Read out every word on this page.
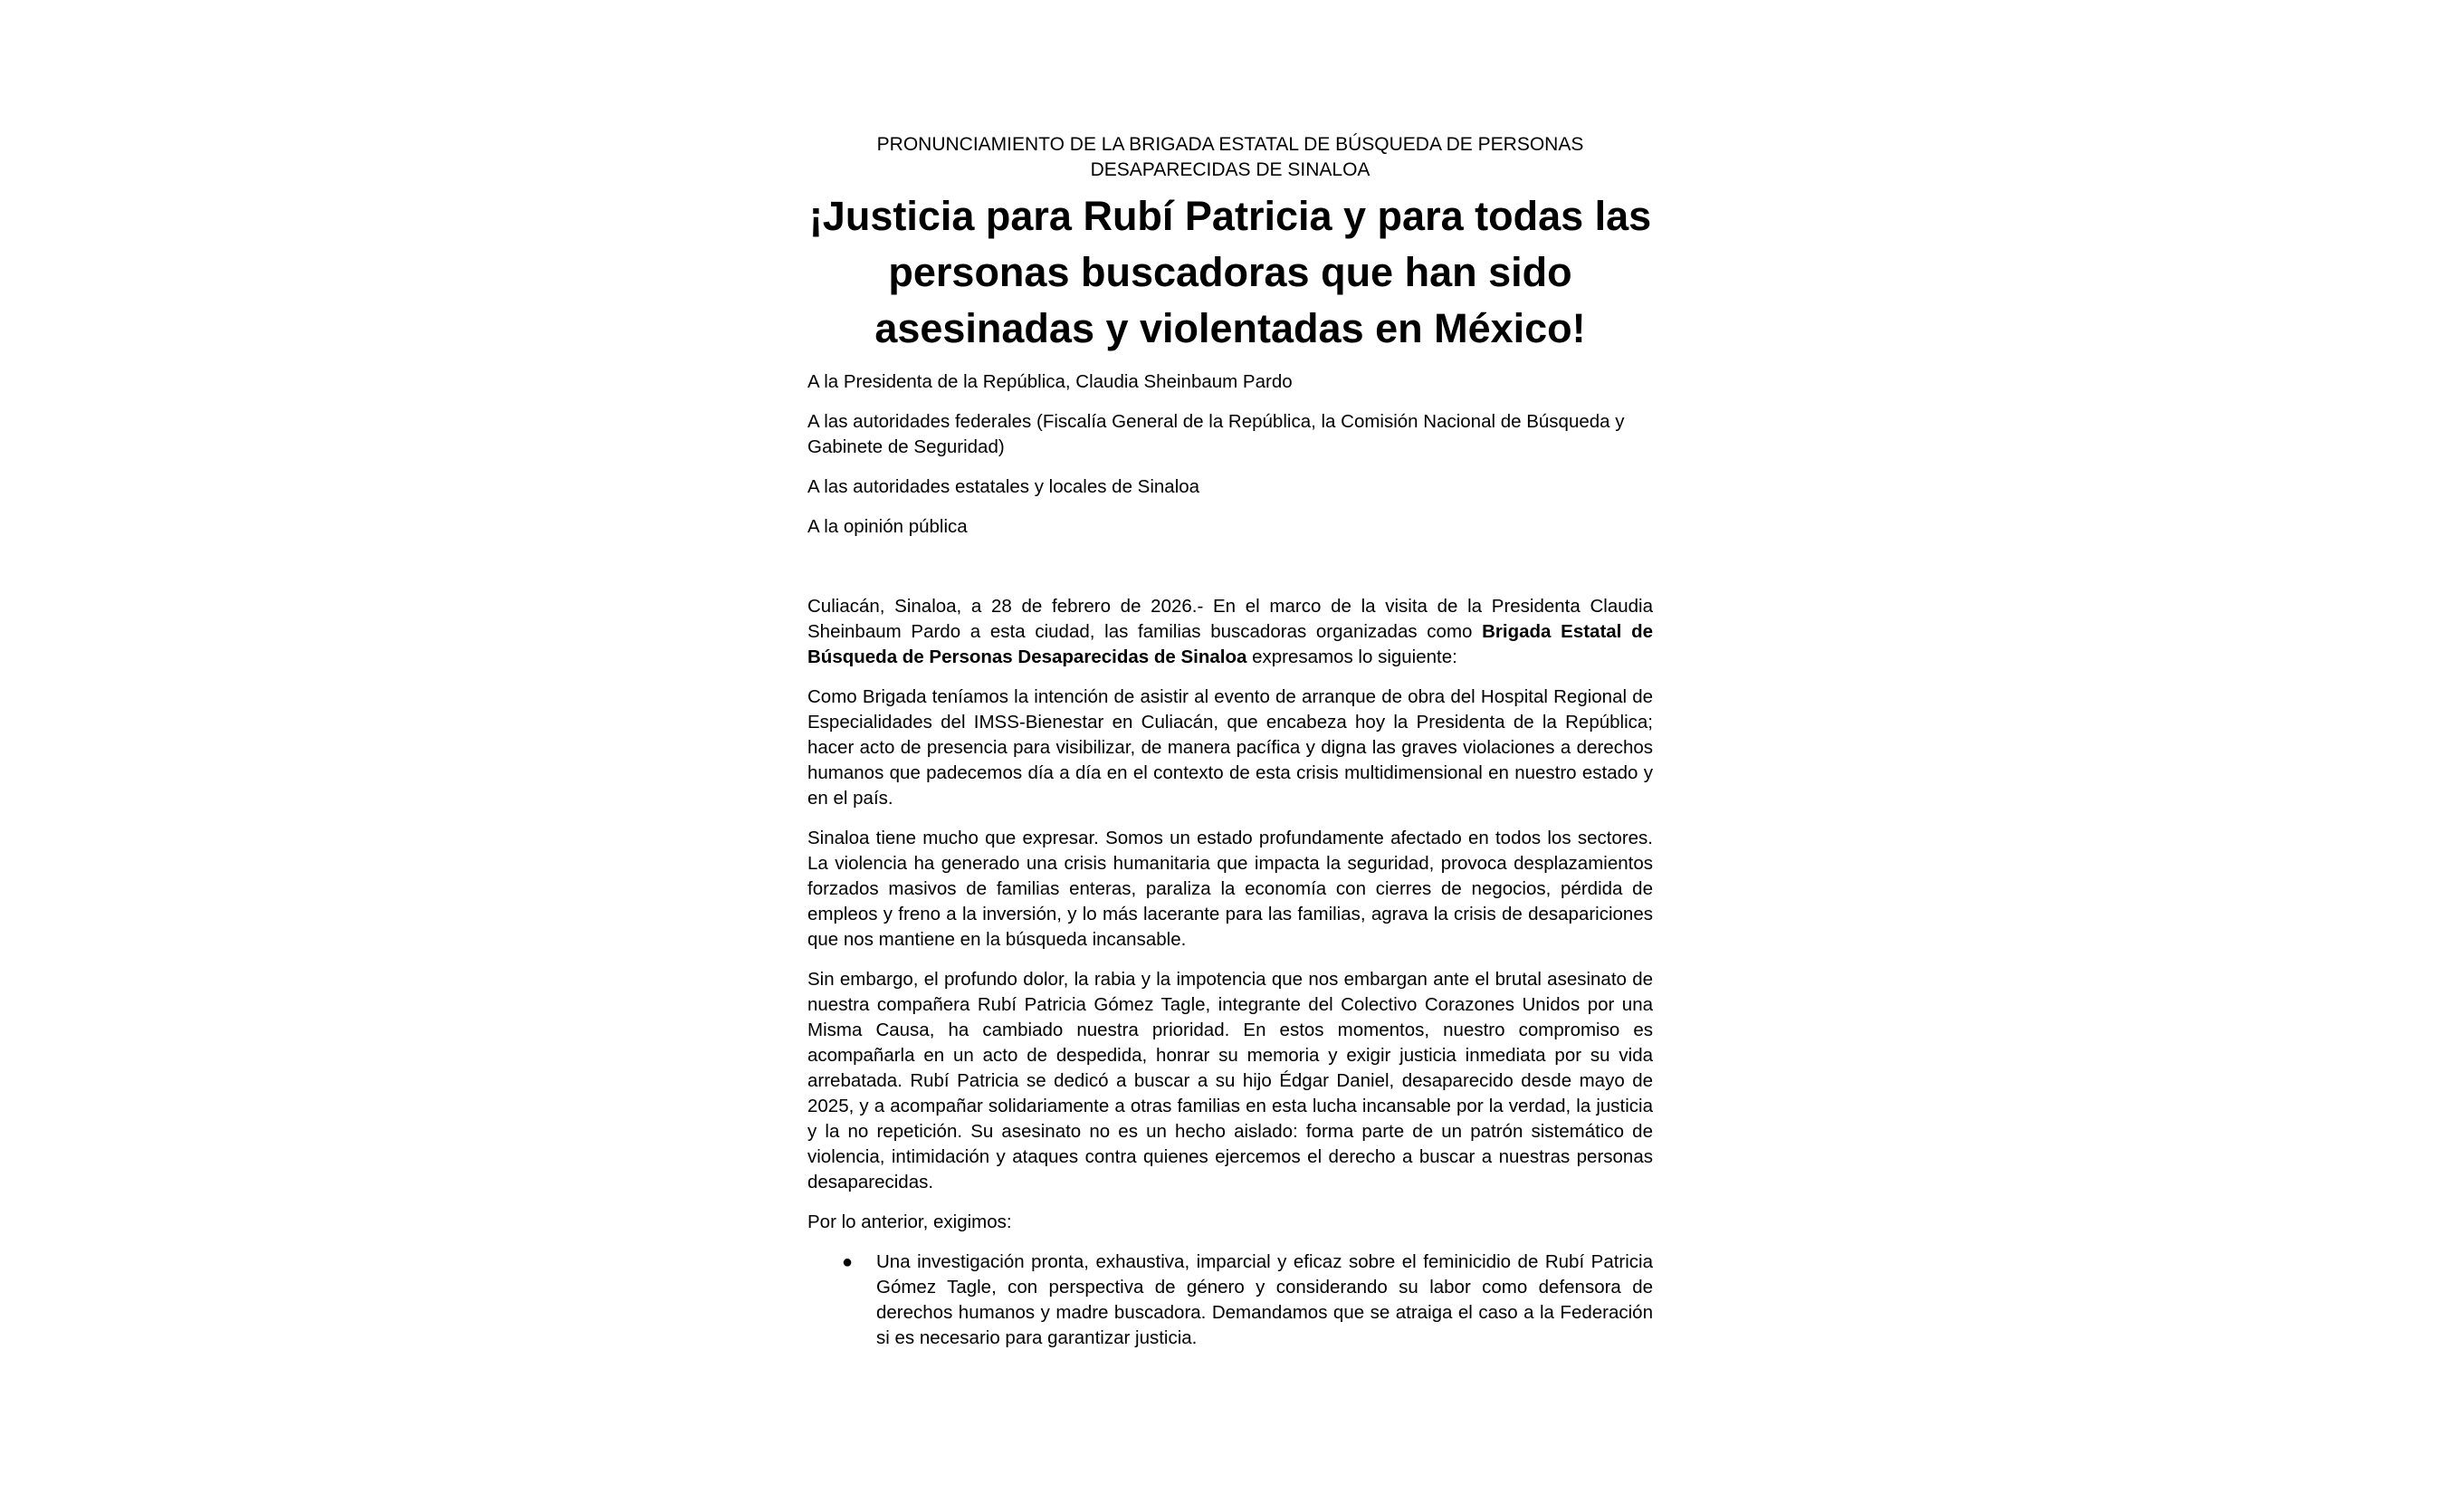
PRONUNCIAMIENTO DE LA BRIGADA ESTATAL DE BÚSQUEDA DE PERSONAS DESAPARECIDAS DE SINALOA

¡Justicia para Rubí Patricia y para todas las personas buscadoras que han sido asesinadas y violentadas en México!

A la Presidenta de la República, Claudia Sheinbaum Pardo

A las autoridades federales (Fiscalía General de la República, la Comisión Nacional de Búsqueda y Gabinete de Seguridad)

A las autoridades estatales y locales de Sinaloa

A la opinión pública

Culiacán, Sinaloa, a 28 de febrero de 2026.- En el marco de la visita de la Presidenta Claudia Sheinbaum Pardo a esta ciudad, las familias buscadoras organizadas como Brigada Estatal de Búsqueda de Personas Desaparecidas de Sinaloa expresamos lo siguiente:

Como Brigada teníamos la intención de asistir al evento de arranque de obra del Hospital Regional de Especialidades del IMSS-Bienestar en Culiacán, que encabeza hoy la Presidenta de la República; hacer acto de presencia para visibilizar, de manera pacífica y digna las graves violaciones a derechos humanos que padecemos día a día en el contexto de esta crisis multidimensional en nuestro estado y en el país.

Sinaloa tiene mucho que expresar. Somos un estado profundamente afectado en todos los sectores. La violencia ha generado una crisis humanitaria que impacta la seguridad, provoca desplazamientos forzados masivos de familias enteras, paraliza la economía con cierres de negocios, pérdida de empleos y freno a la inversión, y lo más lacerante para las familias, agrava la crisis de desapariciones que nos mantiene en la búsqueda incansable.

Sin embargo, el profundo dolor, la rabia y la impotencia que nos embargan ante el brutal asesinato de nuestra compañera Rubí Patricia Gómez Tagle, integrante del Colectivo Corazones Unidos por una Misma Causa, ha cambiado nuestra prioridad. En estos momentos, nuestro compromiso es acompañarla en un acto de despedida, honrar su memoria y exigir justicia inmediata por su vida arrebatada. Rubí Patricia se dedicó a buscar a su hijo Édgar Daniel, desaparecido desde mayo de 2025, y a acompañar solidariamente a otras familias en esta lucha incansable por la verdad, la justicia y la no repetición. Su asesinato no es un hecho aislado: forma parte de un patrón sistemático de violencia, intimidación y ataques contra quienes ejercemos el derecho a buscar a nuestras personas desaparecidas.

Por lo anterior, exigimos:

● Una investigación pronta, exhaustiva, imparcial y eficaz sobre el feminicidio de Rubí Patricia Gómez Tagle, con perspectiva de género y considerando su labor como defensora de derechos humanos y madre buscadora. Demandamos que se atraiga el caso a la Federación si es necesario para garantizar justicia.
